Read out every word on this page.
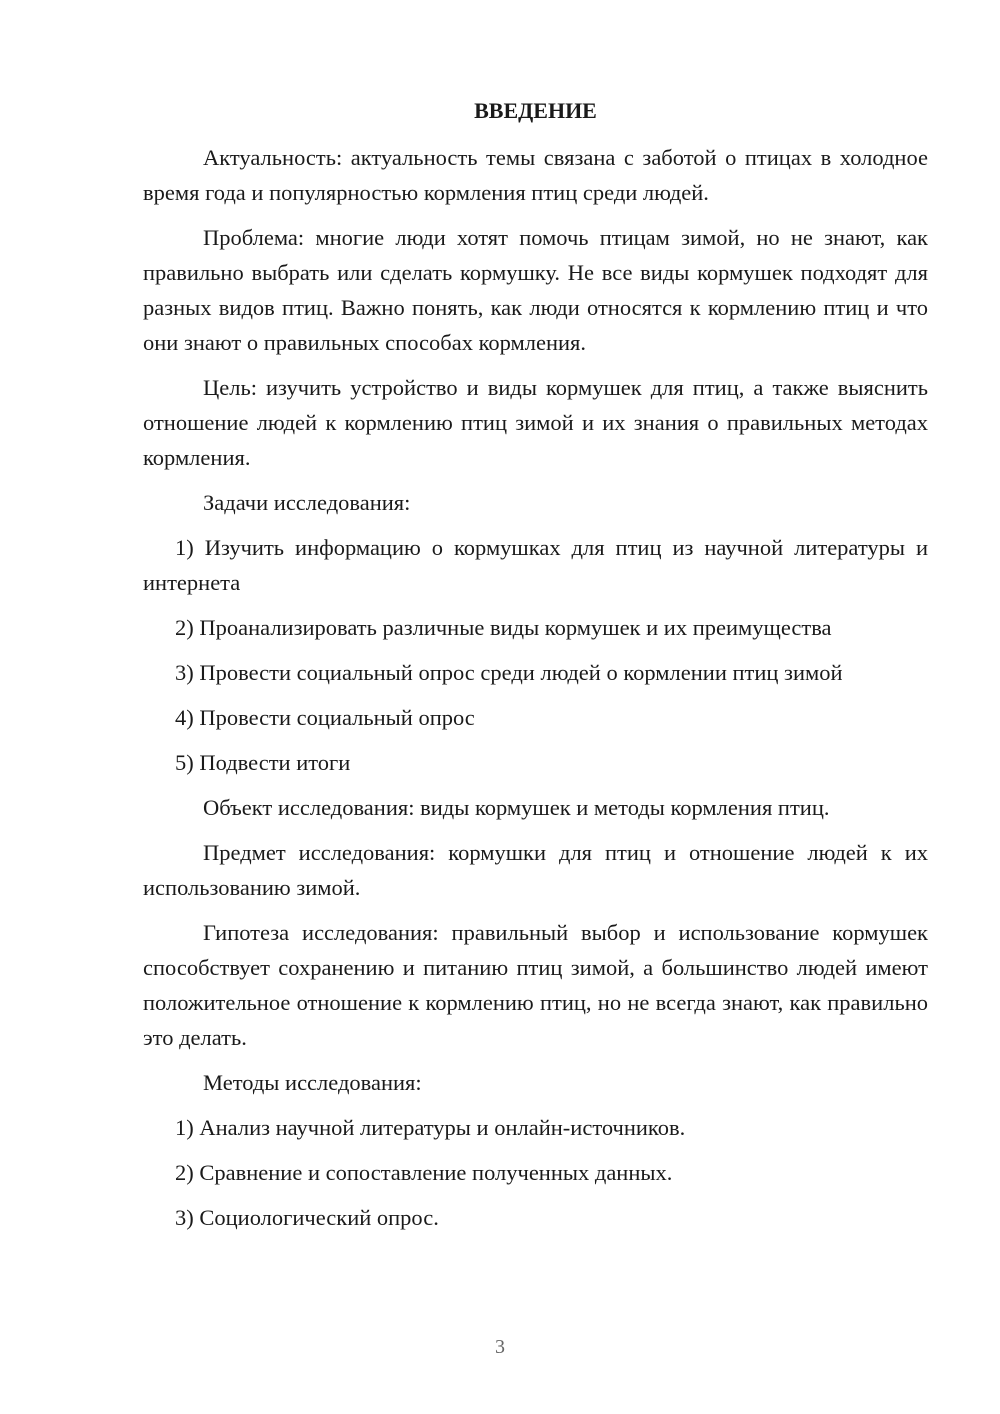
ВВЕДЕНИЕ

Актуальность: актуальность темы связана с заботой о птицах в холодное время года и популярностью кормления птиц среди людей.

Проблема: многие люди хотят помочь птицам зимой, но не знают, как правильно выбрать или сделать кормушку. Не все виды кормушек подходят для разных видов птиц. Важно понять, как люди относятся к кормлению птиц и что они знают о правильных способах кормления.

Цель: изучить устройство и виды кормушек для птиц, а также выяснить отношение людей к кормлению птиц зимой и их знания о правильных методах кормления.

Задачи исследования:

1) Изучить информацию о кормушках для птиц из научной литературы и интернета

2) Проанализировать различные виды кормушек и их преимущества

3) Провести социальный опрос среди людей о кормлении птиц зимой

4) Провести социальный опрос

5) Подвести итоги

Объект исследования: виды кормушек и методы кормления птиц.

Предмет исследования: кормушки для птиц и отношение людей к их использованию зимой.

Гипотеза исследования: правильный выбор и использование кормушек способствует сохранению и питанию птиц зимой, а большинство людей имеют положительное отношение к кормлению птиц, но не всегда знают, как правильно это делать.

Методы исследования:

1) Анализ научной литературы и онлайн-источников.

2) Сравнение и сопоставление полученных данных.

3) Социологический опрос.

3
